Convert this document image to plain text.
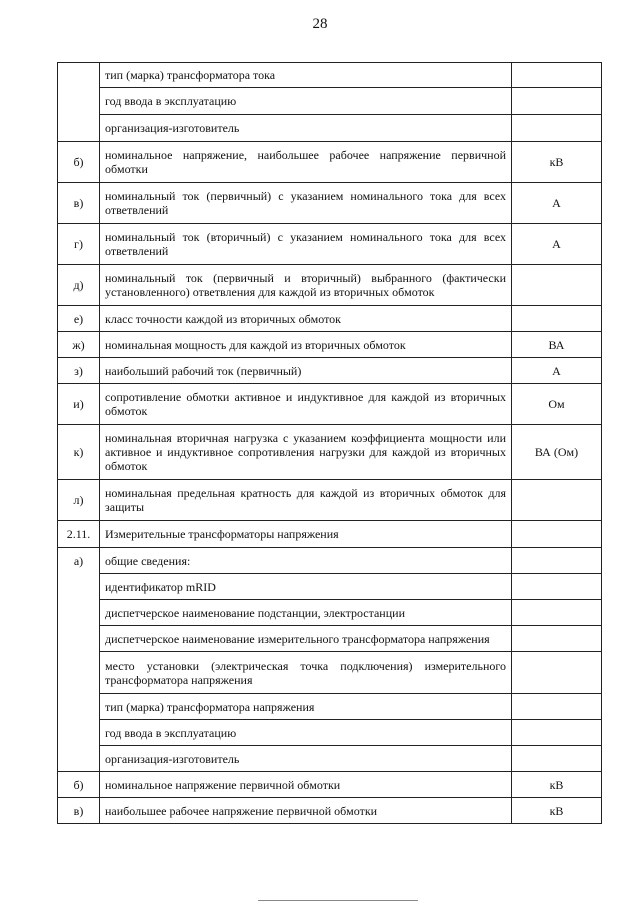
28
	тип (марка) трансформатора тока	
	год ввода в эксплуатацию	
	организация-изготовитель	
б)	номинальное напряжение, наибольшее рабочее напряжение первичной обмотки	кВ
в)	номинальный ток (первичный) с указанием номинального тока для всех ответвлений	А
г)	номинальный ток (вторичный) с указанием номинального тока для всех ответвлений	А
д)	номинальный ток (первичный и вторичный) выбранного (фактически установленного) ответвления для каждой из вторичных обмоток	
е)	класс точности каждой из вторичных обмоток	
ж)	номинальная мощность для каждой из вторичных обмоток	ВА
з)	наибольший рабочий ток (первичный)	А
и)	сопротивление обмотки активное и индуктивное для каждой из вторичных обмоток	Ом
к)	номинальная вторичная нагрузка с указанием коэффициента мощности или активное и индуктивное сопротивления нагрузки для каждой из вторичных обмоток	ВА (Ом)
л)	номинальная предельная кратность для каждой из вторичных обмоток для защиты	
2.11.	Измерительные трансформаторы напряжения	
а)	общие сведения:	
	идентификатор mRID	
	диспетчерское наименование подстанции, электростанции	
	диспетчерское наименование измерительного трансформатора напряжения	
	место установки (электрическая точка подключения) измерительного трансформатора напряжения	
	тип (марка) трансформатора напряжения	
	год ввода в эксплуатацию	
	организация-изготовитель	
б)	номинальное напряжение первичной обмотки	кВ
в)	наибольшее рабочее напряжение первичной обмотки	кВ
